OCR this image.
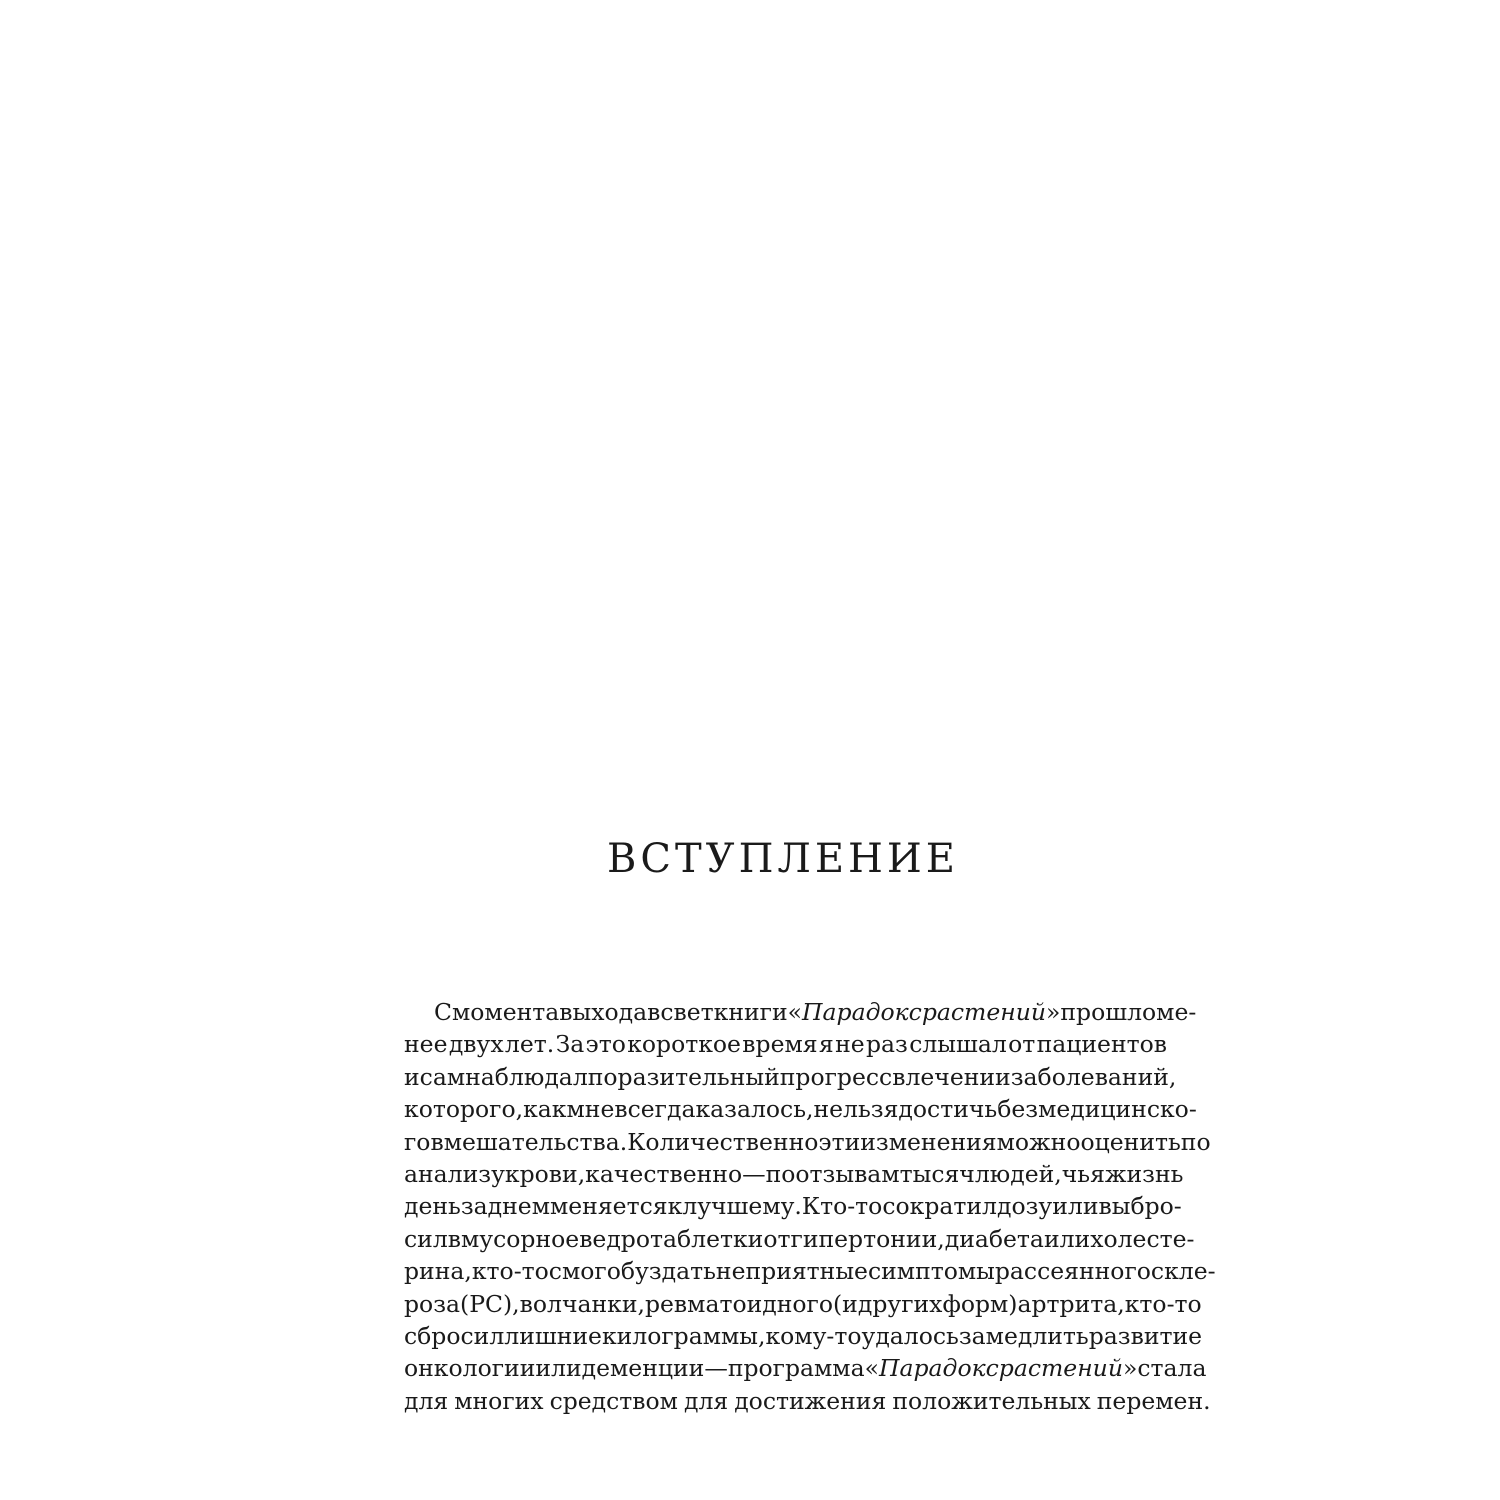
ВСТУПЛЕНИЕ
С момента выхода в свет книги «Парадокс растений» прошло ме-
нее двух лет. За это короткое время я не раз слышал от пациентов
и сам наблюдал поразительный прогресс в лечении заболеваний,
которого, как мне всегда казалось, нельзя достичь без медицинско-
го вмешательства. Количественно эти изменения можно оценить по
анализу крови, качественно — по отзывам тысяч людей, чья жизнь
день за днем меняется к лучшему. Кто-то сократил дозу или выбро-
сил в мусорное ведро таблетки от гипертонии, диабета или холесте-
рина, кто-то смог обуздать неприятные симптомы рассеянного скле-
роза (РС), волчанки, ревматоидного (и других форм) артрита, кто-то
сбросил лишние килограммы, кому-то удалось замедлить развитие
онкологии или деменции — программа «Парадокс растений» стала
для многих средством для достижения положительных перемен.
